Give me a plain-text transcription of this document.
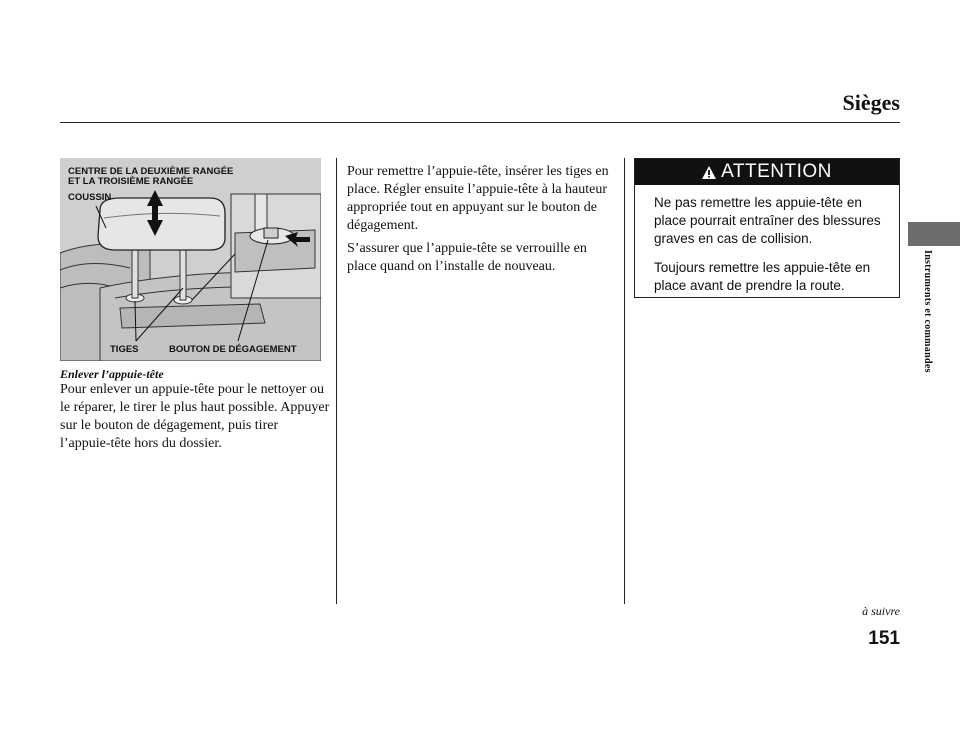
Sièges
Instruments et commandes
CENTRE DE LA DEUXIÈME RANGÉE
ET LA TROISIÈME RANGÉE
COUSSIN
TIGES	BOUTON DE DÉGAGEMENT
Enlever l’appuie-tête

Pour enlever un appuie-tête pour le nettoyer ou le réparer, le tirer le plus haut possible. Appuyer sur le bouton de dégagement, puis tirer l’appuie-tête hors du dossier.

Pour remettre l’appuie-tête, insérer les tiges en place. Régler ensuite l’appuie-tête à la hauteur appropriée tout en appuyant sur le bouton de dégagement.

S’assurer que l’appuie-tête se verrouille en place quand on l’installe de nouveau.

ATTENTION

Ne pas remettre les appuie-tête en place pourrait entraîner des blessures graves en cas de collision.

Toujours remettre les appuie-tête en place avant de prendre la route.

à suivre
151
